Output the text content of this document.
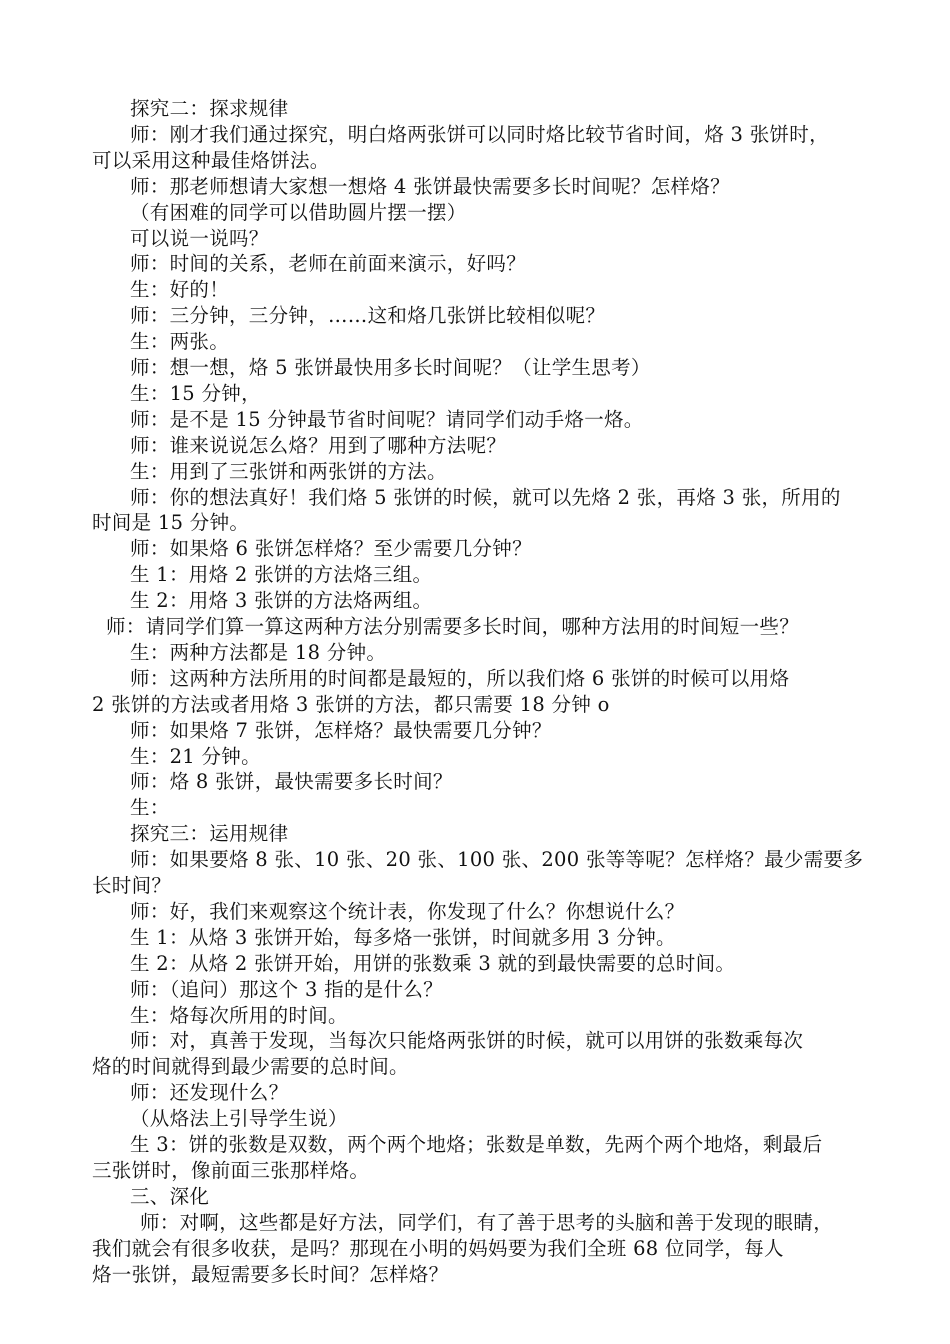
探究二：探求规律
师：刚才我们通过探究，明白烙两张饼可以同时烙比较节省时间，烙 3 张饼时，
可以采用这种最佳烙饼法。
师：那老师想请大家想一想烙 4 张饼最快需要多长时间呢？怎样烙？
（有困难的同学可以借助圆片摆一摆）
可以说一说吗？
师：时间的关系，老师在前面来演示，好吗？
生：好的！
师：三分钟，三分钟，……这和烙几张饼比较相似呢？
生：两张。
师：想一想，烙 5 张饼最快用多长时间呢？（让学生思考）
生：15 分钟，
师：是不是 15 分钟最节省时间呢？请同学们动手烙一烙。
师：谁来说说怎么烙？用到了哪种方法呢？
生：用到了三张饼和两张饼的方法。
师：你的想法真好！我们烙 5 张饼的时候，就可以先烙 2 张，再烙 3 张，所用的
时间是 15 分钟。
师：如果烙 6 张饼怎样烙？至少需要几分钟？
生 1：用烙 2 张饼的方法烙三组。
生 2：用烙 3 张饼的方法烙两组。
师：请同学们算一算这两种方法分别需要多长时间，哪种方法用的时间短一些？
生：两种方法都是 18 分钟。
师：这两种方法所用的时间都是最短的，所以我们烙 6 张饼的时候可以用烙
2 张饼的方法或者用烙 3 张饼的方法，都只需要 18 分钟 o
师：如果烙 7 张饼，怎样烙？最快需要几分钟？
生：21 分钟。
师：烙 8 张饼，最快需要多长时间？
生：
探究三：运用规律
师：如果要烙 8 张、10 张、20 张、100 张、200 张等等呢？怎样烙？最少需要多
长时间？
师：好，我们来观察这个统计表，你发现了什么？你想说什么？
生 1：从烙 3 张饼开始，每多烙一张饼，时间就多用 3 分钟。
生 2：从烙 2 张饼开始，用饼的张数乘 3 就的到最快需要的总时间。
师：（追问）那这个 3 指的是什么？
生：烙每次所用的时间。
师：对，真善于发现，当每次只能烙两张饼的时候，就可以用饼的张数乘每次
烙的时间就得到最少需要的总时间。
师：还发现什么？
（从烙法上引导学生说）
生 3：饼的张数是双数，两个两个地烙；张数是单数，先两个两个地烙，剩最后
三张饼时，像前面三张那样烙。
三、深化
师：对啊，这些都是好方法，同学们，有了善于思考的头脑和善于发现的眼睛，
我们就会有很多收获，是吗？那现在小明的妈妈要为我们全班 68 位同学，每人
烙一张饼，最短需要多长时间？怎样烙？
